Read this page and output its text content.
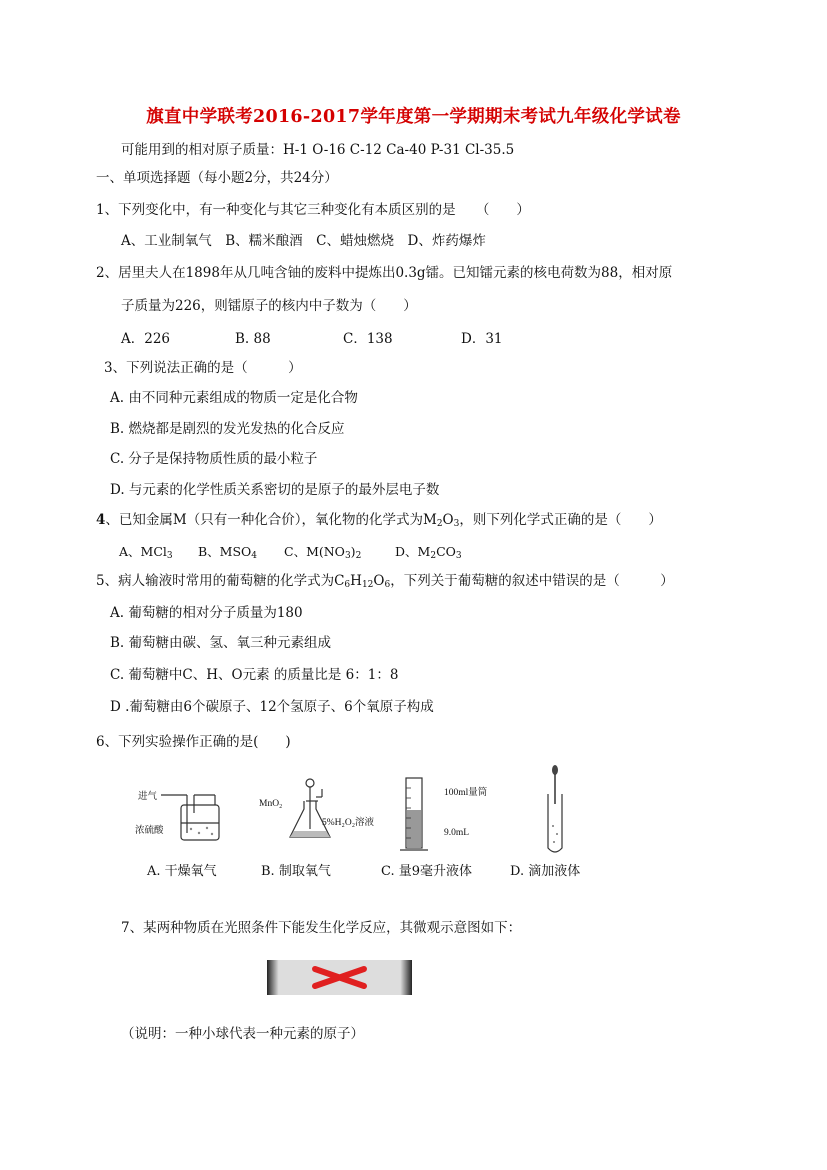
旗直中学联考2016-2017学年度第一学期期末考试九年级化学试卷
可能用到的相对原子质量：H-1 O-16 C-12 Ca-40 P-31 Cl-35.5
一、单项选择题（每小题2分，共24分）
1、下列变化中，有一种变化与其它三种变化有本质区别的是　　（　　）
A、工业制氧气　B、糯米酿酒　C、蜡烛燃烧　D、炸药爆炸
2、居里夫人在1898年从几吨含铀的废料中提炼出0.3g镭。已知镭元素的核电荷数为88，相对原
子质量为226，则镭原子的核内中子数为（　　）
A．226	B. 88	C．138	D．31
3、下列说法正确的是（　　　）
A. 由不同种元素组成的物质一定是化合物
B. 燃烧都是剧烈的发光发热的化合反应
C. 分子是保持物质性质的最小粒子
D. 与元素的化学性质关系密切的是原子的最外层电子数
4、已知金属M（只有一种化合价），氧化物的化学式为$M_2O_3$，则下列化学式正确的是（　　）
A、MCl$_3$ B、$MSO_4$ C、$M(NO_3)_2$	D、$M_2CO_3$
5、病人输液时常用的葡萄糖的化学式为$C_6H_{12}O_6$，下列关于葡萄糖的叙述中错误的是（　　　）
A. 葡萄糖的相对分子质量为180
B. 葡萄糖由碳、氢、氧三种元素组成
C. 葡萄糖中C、H、O元素 的质量比是 6：1：8
D .葡萄糖由6个碳原子、12个氢原子、6个氧原子构成
6、下列实验操作正确的是(　　)
进气
浓硫酸
MnO₂
5%H₂O₂溶液
100ml量筒
9.0mL
A. 干燥氧气	B. 制取氧气	C. 量9毫升液体	D. 滴加液体
7、某两种物质在光照条件下能发生化学反应，其微观示意图如下：
（说明：一种小球代表一种元素的原子）
